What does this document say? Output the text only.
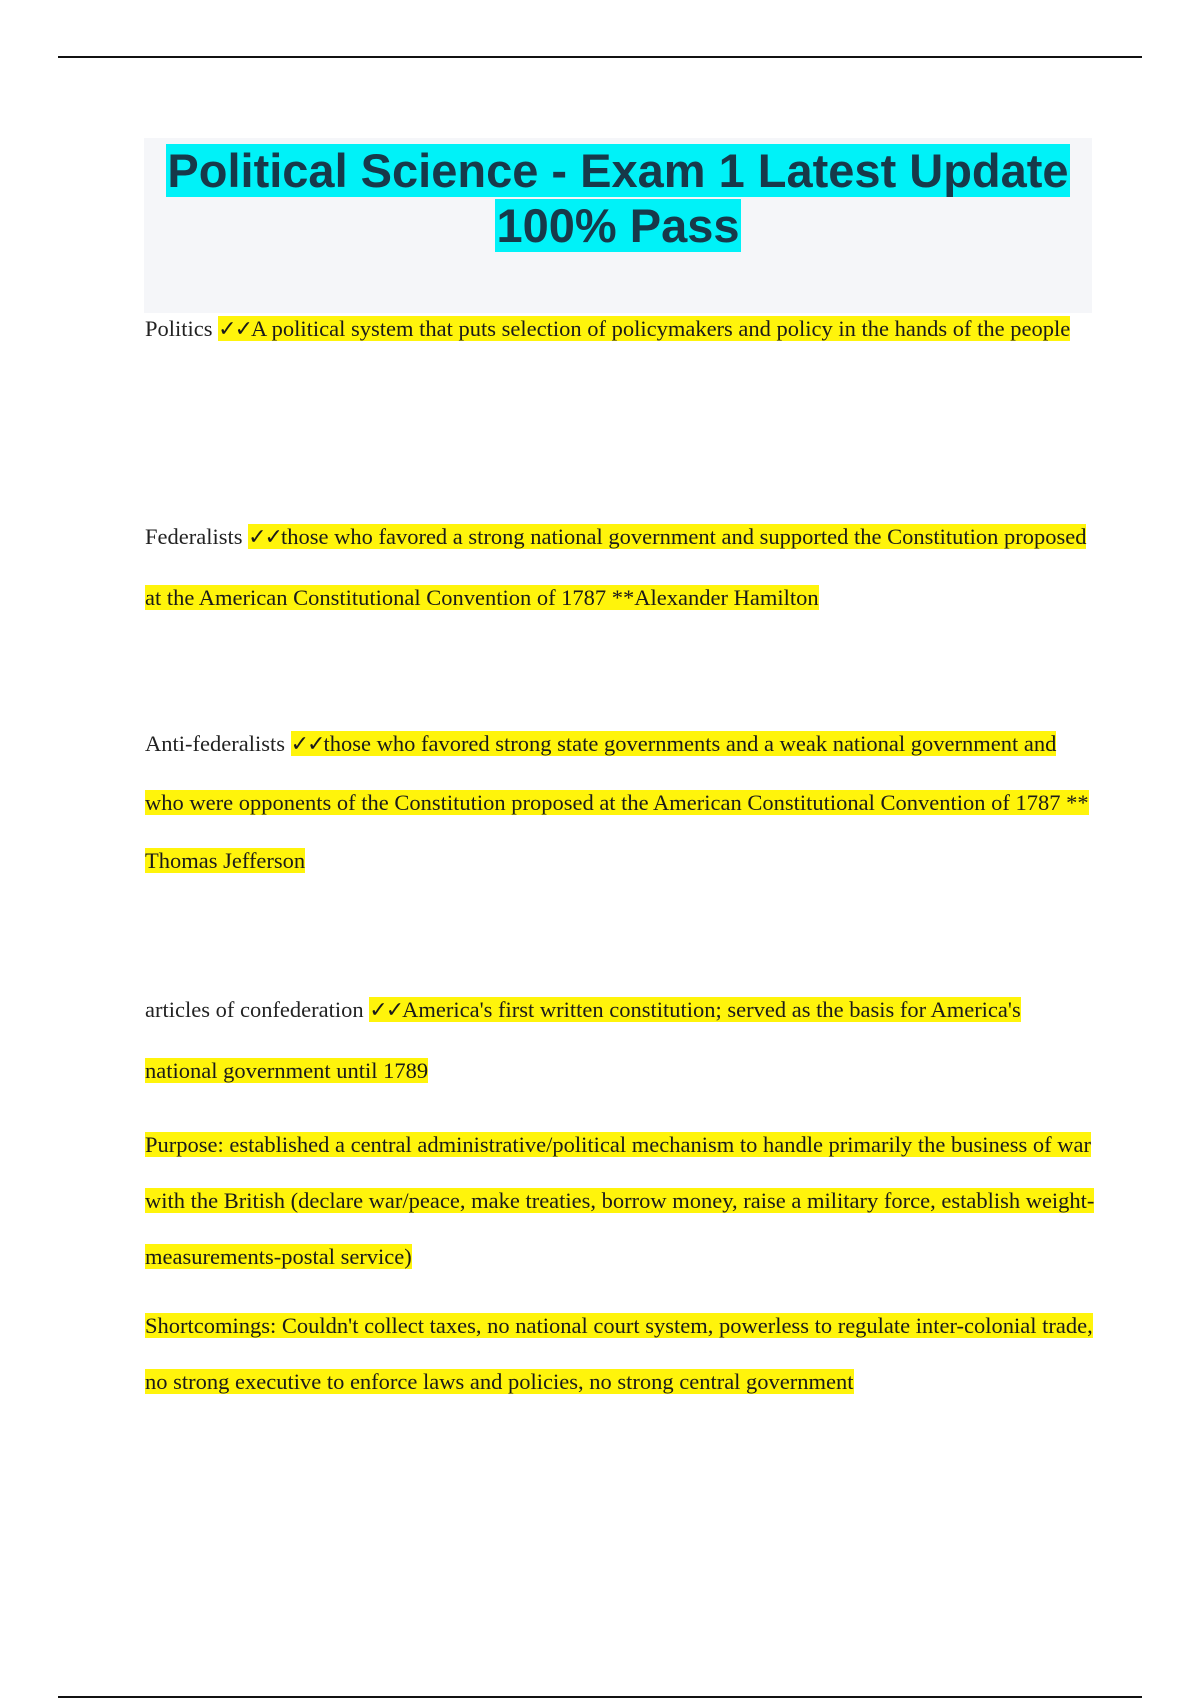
Political Science - Exam 1 Latest Update
100% Pass

Politics ✓✓A political system that puts selection of policymakers and policy in the hands of the people

Federalists ✓✓those who favored a strong national government and supported the Constitution proposed at the American Constitutional Convention of 1787 **Alexander Hamilton

Anti-federalists ✓✓those who favored strong state governments and a weak national government and who were opponents of the Constitution proposed at the American Constitutional Convention of 1787 ** Thomas Jefferson

articles of confederation ✓✓America's first written constitution; served as the basis for America's national government until 1789

Purpose: established a central administrative/political mechanism to handle primarily the business of war with the British (declare war/peace, make treaties, borrow money, raise a military force, establish weight-measurements-postal service)

Shortcomings: Couldn't collect taxes, no national court system, powerless to regulate inter-colonial trade, no strong executive to enforce laws and policies, no strong central government
